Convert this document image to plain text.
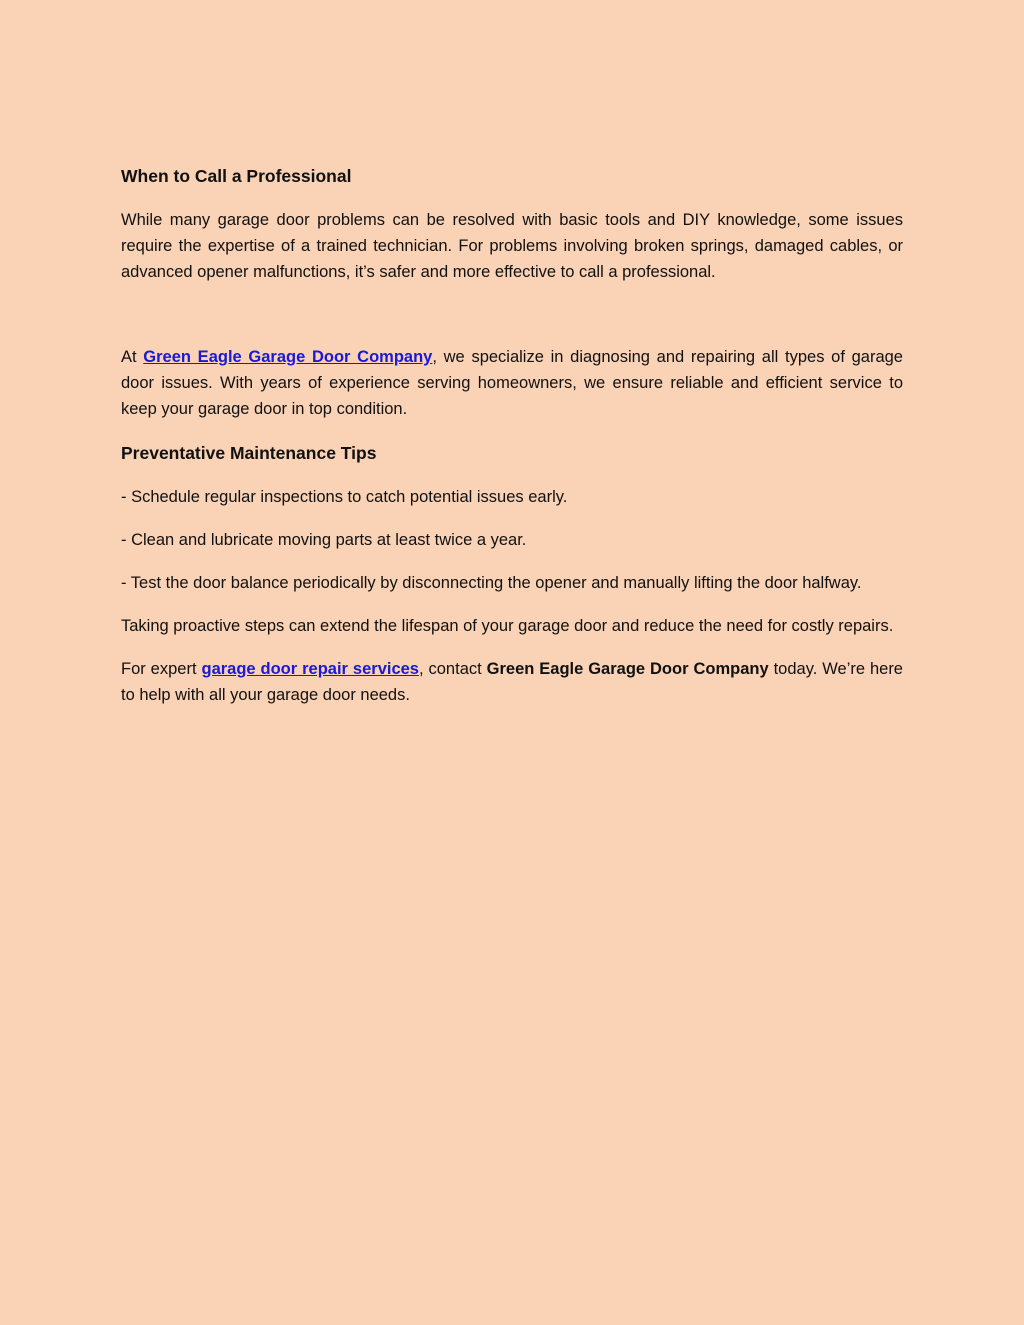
When to Call a Professional

While many garage door problems can be resolved with basic tools and DIY knowledge, some issues require the expertise of a trained technician. For problems involving broken springs, damaged cables, or advanced opener malfunctions, it’s safer and more effective to call a professional.

At Green Eagle Garage Door Company, we specialize in diagnosing and repairing all types of garage door issues. With years of experience serving homeowners, we ensure reliable and efficient service to keep your garage door in top condition.

Preventative Maintenance Tips

- Schedule regular inspections to catch potential issues early.

- Clean and lubricate moving parts at least twice a year.

- Test the door balance periodically by disconnecting the opener and manually lifting the door halfway.

Taking proactive steps can extend the lifespan of your garage door and reduce the need for costly repairs.

For expert garage door repair services, contact Green Eagle Garage Door Company today. We’re here to help with all your garage door needs.
